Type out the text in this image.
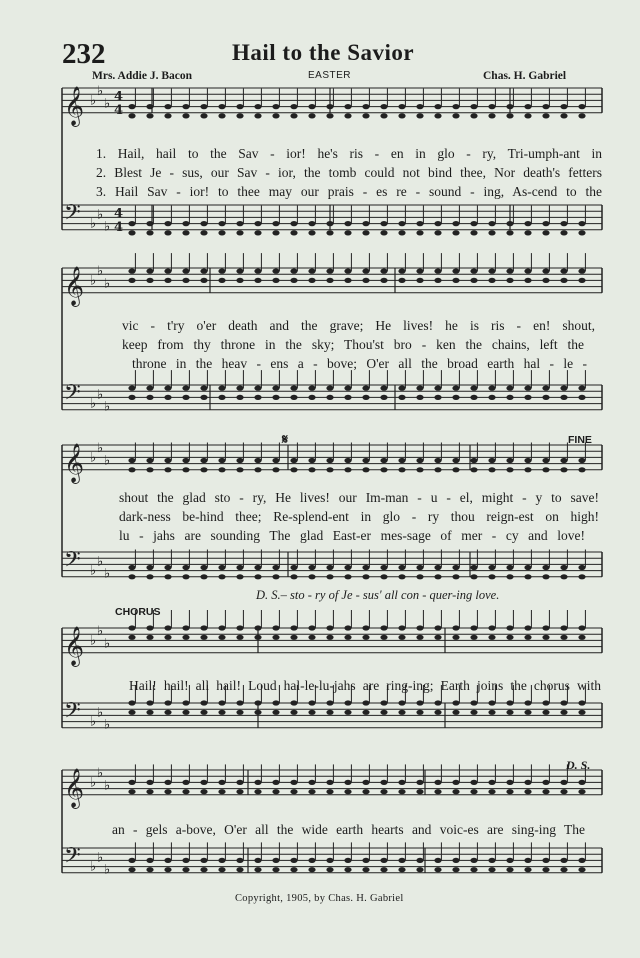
232	Hail to the Savior
Mrs. Addie J. Bacon	EASTER	Chas. H. Gabriel
𝄞 ♭
♭
♭ 4
4
𝄢 ♭
♭
♭
4
4
𝄞 ♭
♭
♭
𝄢 ♭
♭
♭
𝄞 ♭
♭
♭
𝄢 ♭
♭
♭
𝄞 ♭
♭
♭
𝄢 ♭
♭
♭
𝄞 ♭
♭
♭
𝄢 ♭
♭
♭
1. Hail, hail to the Sav - ior! he's ris - en in glo - ry, Tri-umph-ant in
2. Blest Je - sus, our Sav - ior, the tomb could not bind thee, Nor death's fetters
3. Hail Sav - ior! to thee may our prais - es re - sound - ing, As-cend to the
vic - t'ry o'er death and the grave; He lives! he is ris - en! shout,
keep from thy throne in the sky; Thou'st bro - ken the chains, left the
throne in the heav - ens a - bove; O'er all the broad earth hal - le -
shout the glad sto - ry, He lives! our Im-man - u - el, might - y to save!
dark-ness be-hind thee; Re-splend-ent in glo - ry thou reign-est on high!
lu - jahs are sounding The glad East-er mes-sage of mer - cy and love!
D. S.– sto - ry of Je - sus' all con - quer-ing love.
Hail! hail! all hail! Loud hal-le-lu-jahs are ring-ing; Earth joins the chorus with
an - gels a-bove, O'er all the wide earth hearts and voic-es are sing-ing The
FINE
CHORUS
D. S.
𝄋
Copyright, 1905, by Chas. H. Gabriel
